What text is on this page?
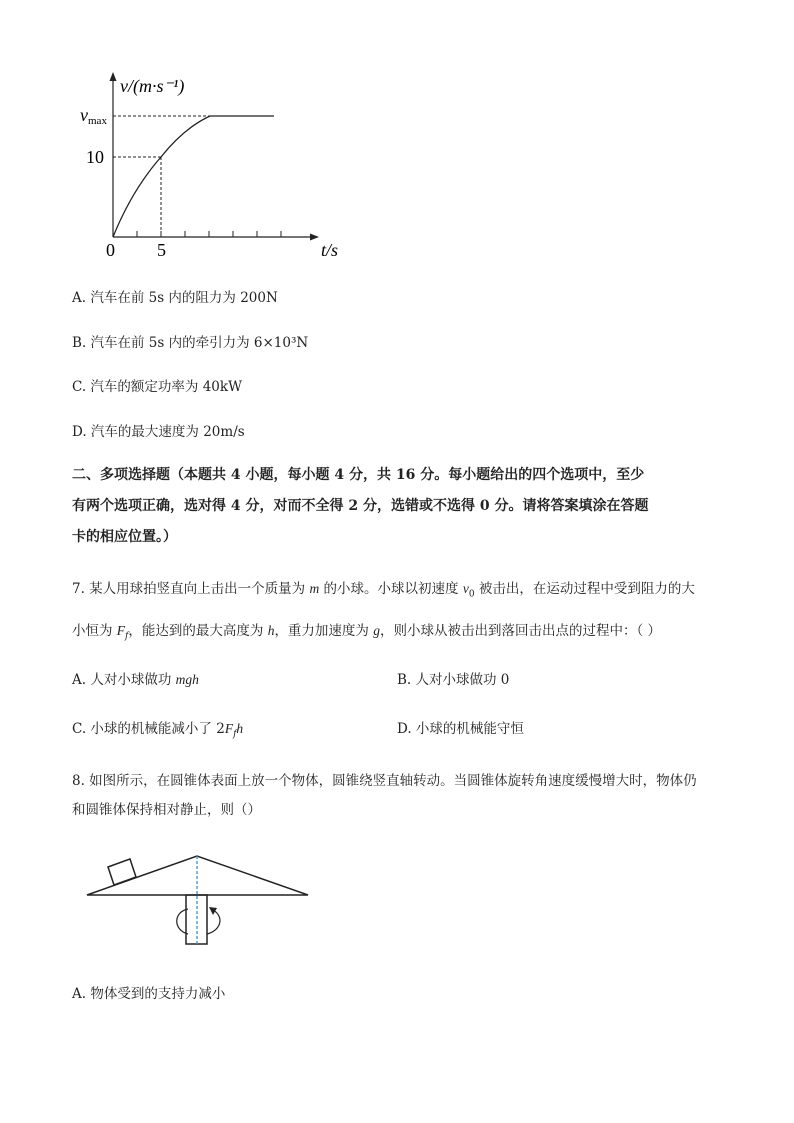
v/(m·s⁻¹)
vmax
10
0 5	t/s
A. 汽车在前 5s 内的阻力为 200N
B. 汽车在前 5s 内的牵引力为 6×10³N
C. 汽车的额定功率为 40kW
D. 汽车的最大速度为 20m/s
二、多项选择题（本题共 4 小题，每小题 4 分，共 16 分。每小题给出的四个选项中，至少
有两个选项正确，选对得 4 分，对而不全得 2 分，选错或不选得 0 分。请将答案填涂在答题
卡的相应位置。）
7. 某人用球拍竖直向上击出一个质量为 m 的小球。小球以初速度 $v_0$ 被击出，在运动过程中受到阻力的大
小恒为 $F_f$，能达到的最大高度为 h，重力加速度为 g，则小球从被击出到落回击出点的过程中：（ ）
A. 人对小球做功 mgh	B. 人对小球做功 0
C. 小球的机械能减小了 $2F_fh$	D. 小球的机械能守恒
8. 如图所示，在圆锥体表面上放一个物体，圆锥绕竖直轴转动。当圆锥体旋转角速度缓慢增大时，物体仍
和圆锥体保持相对静止，则（）
A. 物体受到的支持力减小
